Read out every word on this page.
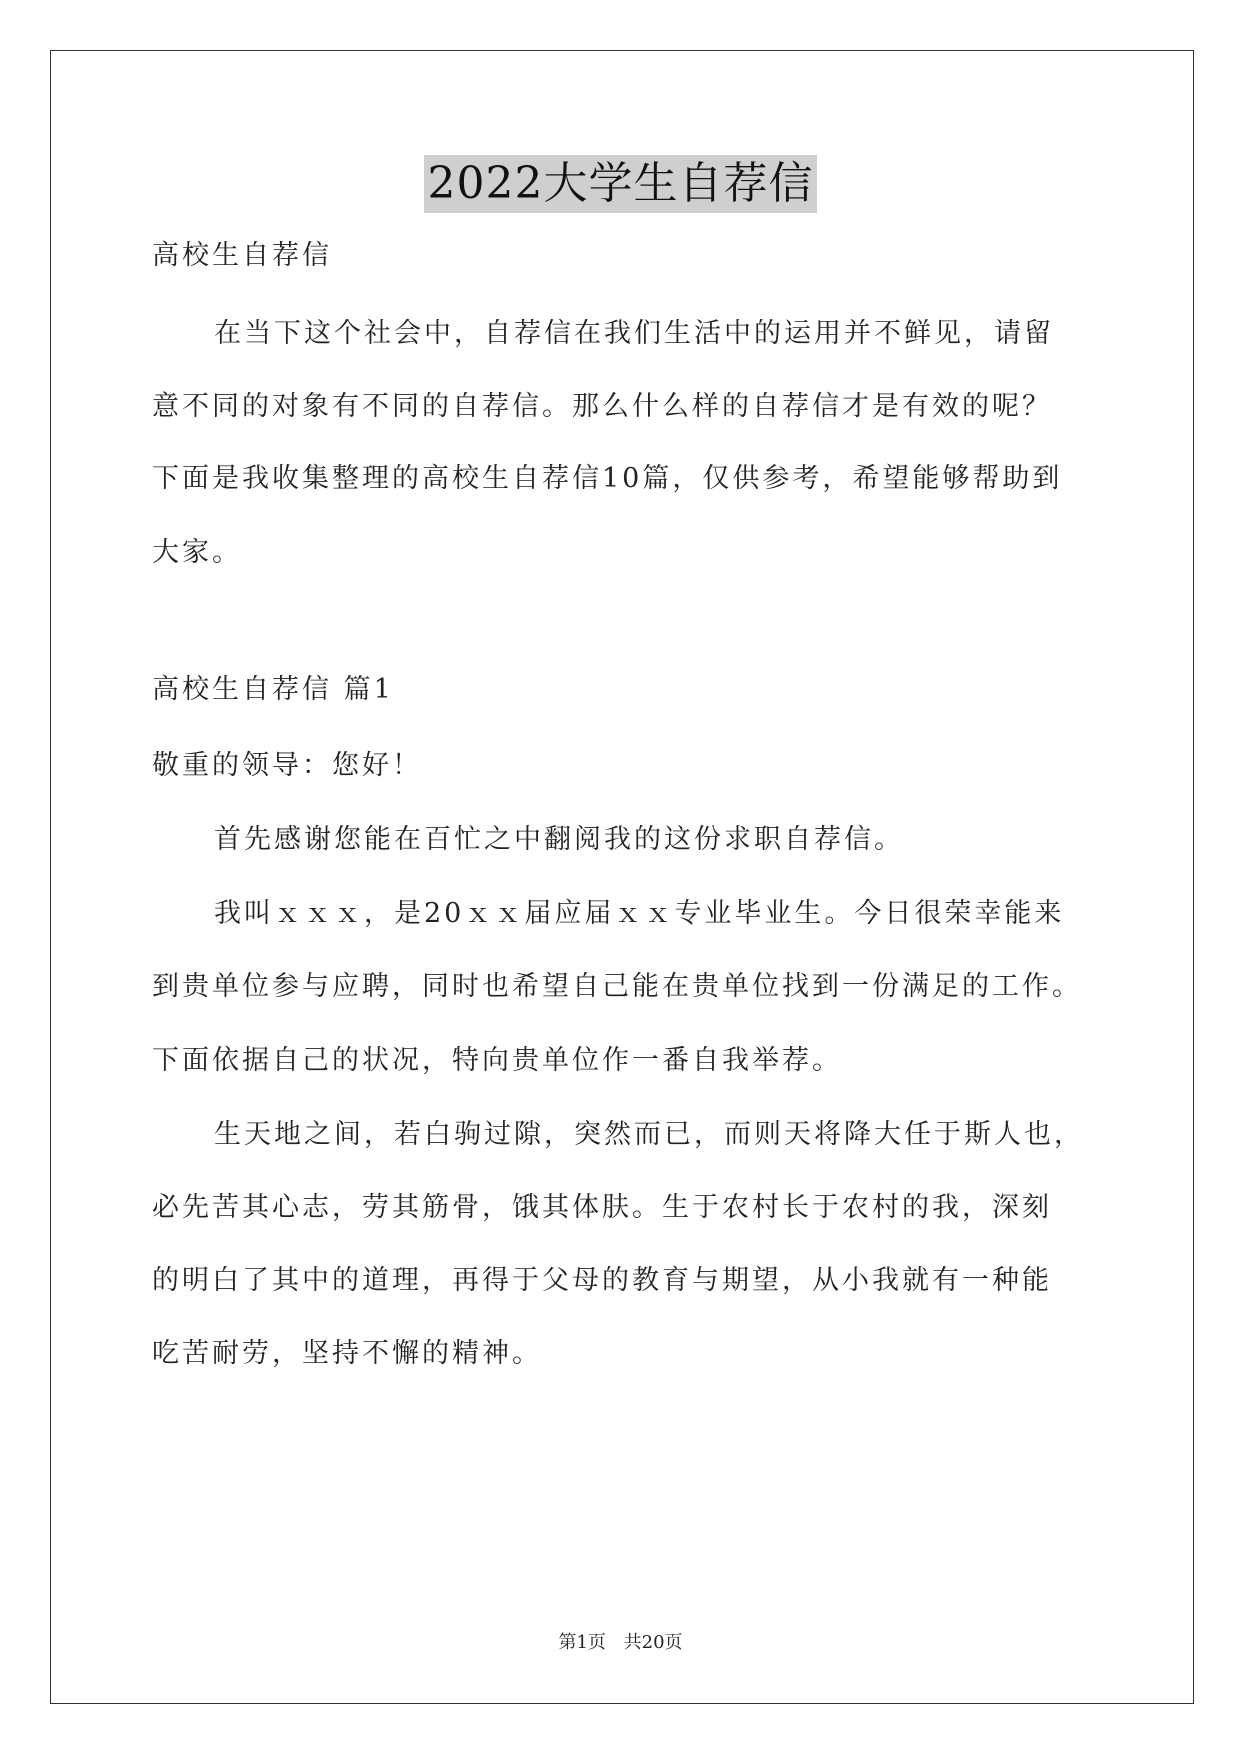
2022大学生自荐信
高校生自荐信
在当下这个社会中，自荐信在我们生活中的运用并不鲜见，请留
意不同的对象有不同的自荐信。那么什么样的自荐信才是有效的呢？
下面是我收集整理的高校生自荐信10篇，仅供参考，希望能够帮助到
大家。
高校生自荐信 篇1
敬重的领导：您好！
首先感谢您能在百忙之中翻阅我的这份求职自荐信。
我叫ｘｘｘ，是20ｘｘ届应届ｘｘ专业毕业生。今日很荣幸能来
到贵单位参与应聘，同时也希望自己能在贵单位找到一份满足的工作。
下面依据自己的状况，特向贵单位作一番自我举荐。
生天地之间，若白驹过隙，突然而已，而则天将降大任于斯人也，
必先苦其心志，劳其筋骨，饿其体肤。生于农村长于农村的我，深刻
的明白了其中的道理，再得于父母的教育与期望，从小我就有一种能
吃苦耐劳，坚持不懈的精神。
第1页 共20页
